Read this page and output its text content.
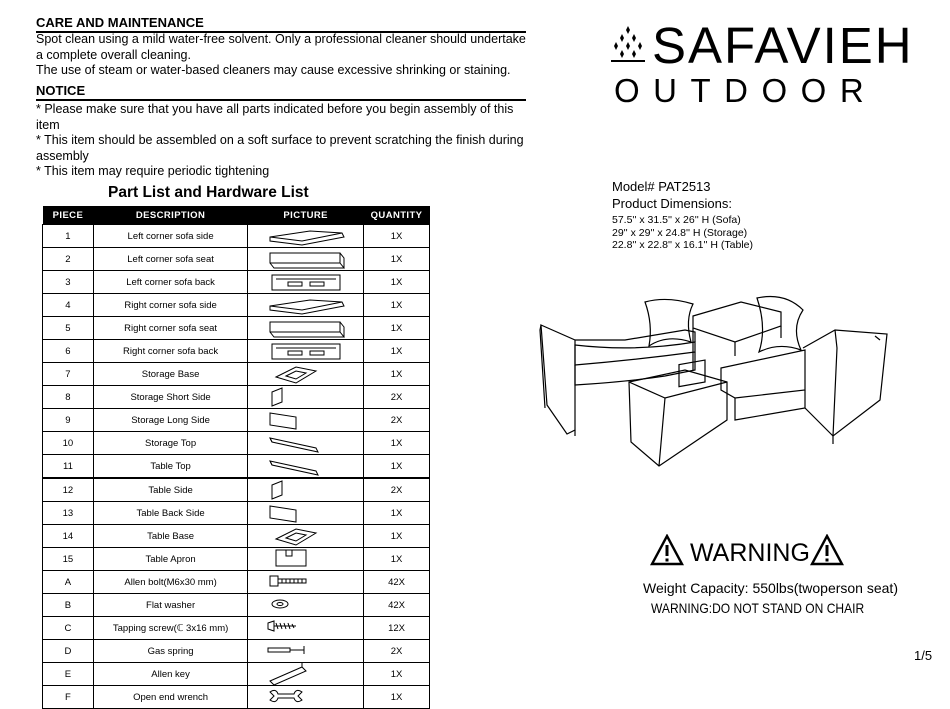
CARE AND MAINTENANCE
Spot clean using a mild water-free solvent. Only a professional cleaner should undertake
a complete overall cleaning.
The use of steam or water-based cleaners may cause excessive shrinking or staining.
NOTICE
* Please make sure that you have all parts indicated before you begin assembly of this
item
* This item should be assembled on a soft surface to prevent scratching the finish during
assembly
* This item may require periodic tightening
SAFAVIEH
OUTDOOR
Model# PAT2513
Product Dimensions:
57.5'' x 31.5'' x 26'' H (Sofa)
29'' x 29'' x 24.8'' H (Storage)
22.8'' x 22.8'' x 16.1'' H (Table)
Part List and Hardware List
PIECE	DESCRIPTION	PICTURE	QUANTITY
1	Left corner sofa side		1X
2	Left corner sofa seat		1X
3	Left corner sofa back		1X
4	Right corner sofa side		1X
5	Right corner sofa seat		1X
6	Right corner sofa back		1X
7	Storage Base		1X
8	Storage Short Side		2X
9	Storage Long Side		2X
10	Storage Top		1X
11	Table Top		1X
12	Table Side		2X
13	Table Back Side		1X
14	Table Base		1X
15	Table Apron		1X
A	Allen bolt(M6x30 mm)		42X
B	Flat washer		42X
C	Tapping screw(ℂ 3x16 mm)		12X
D	Gas spring		2X
E	Allen key		1X
F	Open end wrench		1X
WARNING
Weight Capacity: 550lbs(twoperson seat)
WARNING:DO NOT STAND ON CHAIR
1/5
